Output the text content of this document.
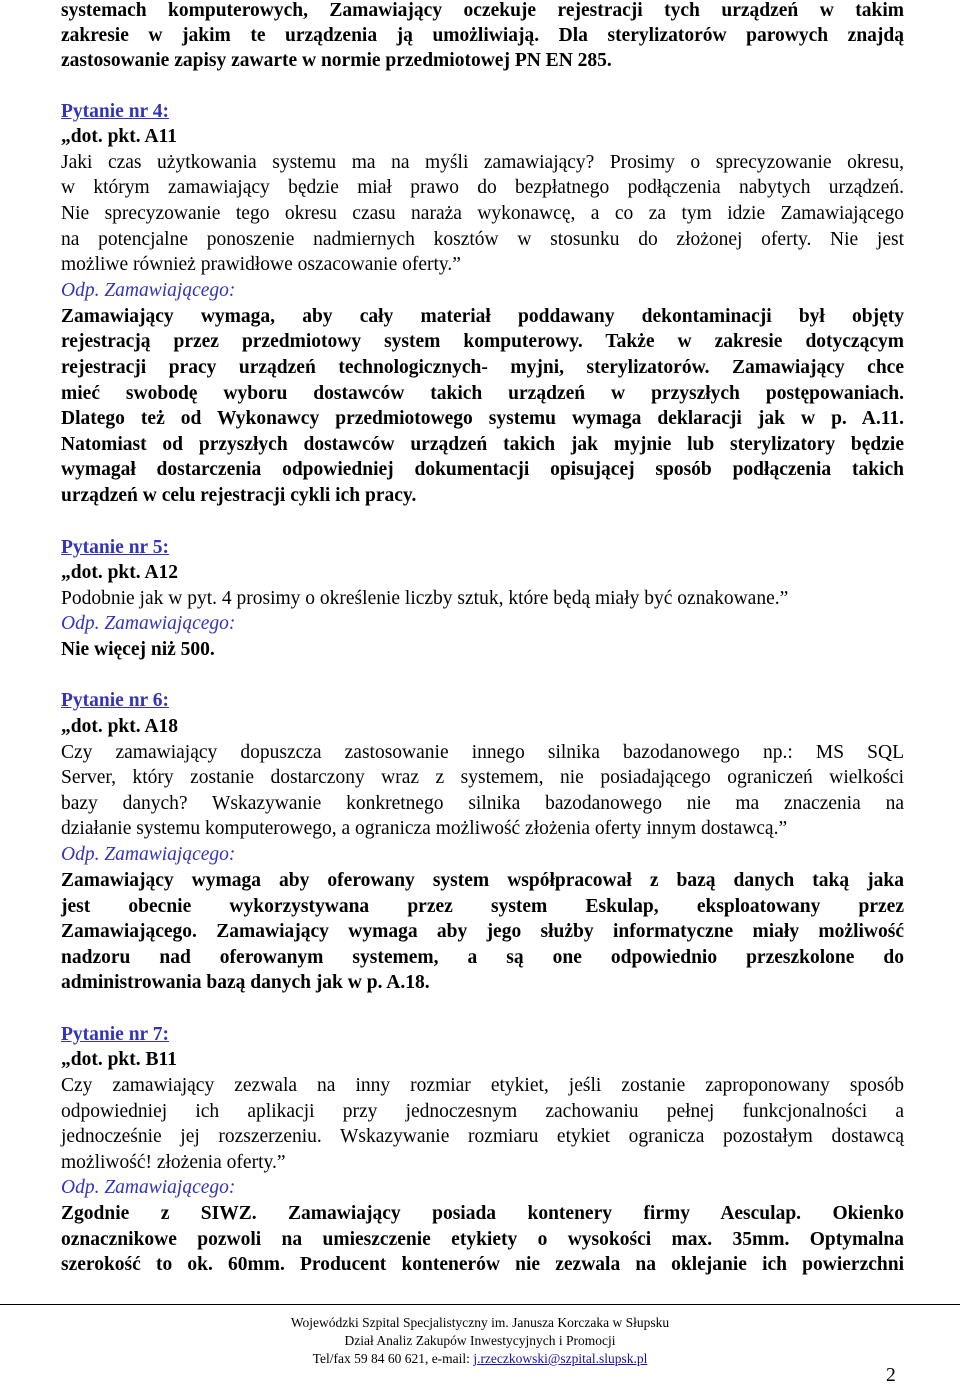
systemach komputerowych, Zamawiający oczekuje rejestracji tych urządzeń w takim
zakresie w jakim te urządzenia ją umożliwiają. Dla sterylizatorów parowych znajdą
zastosowanie zapisy zawarte w normie przedmiotowej PN EN 285.
Pytanie nr 4:
„dot. pkt. A11
Jaki czas użytkowania systemu ma na myśli zamawiający? Prosimy o sprecyzowanie okresu,
w którym zamawiający będzie miał prawo do bezpłatnego podłączenia nabytych urządzeń.
Nie sprecyzowanie tego okresu czasu naraża wykonawcę, a co za tym idzie Zamawiającego
na potencjalne ponoszenie nadmiernych kosztów w stosunku do złożonej oferty. Nie jest
możliwe również prawidłowe oszacowanie oferty.”
Odp. Zamawiającego:
Zamawiający wymaga, aby cały materiał poddawany dekontaminacji był objęty
rejestracją przez przedmiotowy system komputerowy. Także w zakresie dotyczącym
rejestracji pracy urządzeń technologicznych- myjni, sterylizatorów. Zamawiający chce
mieć swobodę wyboru dostawców takich urządzeń w przyszłych postępowaniach.
Dlatego też od Wykonawcy przedmiotowego systemu wymaga deklaracji jak w p. A.11.
Natomiast od przyszłych dostawców urządzeń takich jak myjnie lub sterylizatory będzie
wymagał dostarczenia odpowiedniej dokumentacji opisującej sposób podłączenia takich
urządzeń w celu rejestracji cykli ich pracy.
Pytanie nr 5:
„dot. pkt. A12
Podobnie jak w pyt. 4 prosimy o określenie liczby sztuk, które będą miały być oznakowane.”
Odp. Zamawiającego:
Nie więcej niż 500.
Pytanie nr 6:
„dot. pkt. A18
Czy zamawiający dopuszcza zastosowanie innego silnika bazodanowego np.: MS SQL
Server, który zostanie dostarczony wraz z systemem, nie posiadającego ograniczeń wielkości
bazy danych? Wskazywanie konkretnego silnika bazodanowego nie ma znaczenia na
działanie systemu komputerowego, a ogranicza możliwość złożenia oferty innym dostawcą.”
Odp. Zamawiającego:
Zamawiający wymaga aby oferowany system współpracował z bazą danych taką jaka
jest obecnie wykorzystywana przez system Eskulap, eksploatowany przez
Zamawiającego. Zamawiający wymaga aby jego służby informatyczne miały możliwość
nadzoru nad oferowanym systemem, a są one odpowiednio przeszkolone do
administrowania bazą danych jak w p. A.18.
Pytanie nr 7:
„dot. pkt. B11
Czy zamawiający zezwala na inny rozmiar etykiet, jeśli zostanie zaproponowany sposób
odpowiedniej ich aplikacji przy jednoczesnym zachowaniu pełnej funkcjonalności a
jednocześnie jej rozszerzeniu. Wskazywanie rozmiaru etykiet ogranicza pozostałym dostawcą
możliwość! złożenia oferty.”
Odp. Zamawiającego:
Zgodnie z SIWZ. Zamawiający posiada kontenery firmy Aesculap. Okienko
oznacznikowe pozwoli na umieszczenie etykiety o wysokości max. 35mm. Optymalna
szerokość to ok. 60mm. Producent kontenerów nie zezwala na oklejanie ich powierzchni
Wojewódzki Szpital Specjalistyczny im. Janusza Korczaka w Słupsku
Dział Analiz Zakupów Inwestycyjnych i Promocji
Tel/fax 59 84 60 621, e-mail: j.rzeczkowski@szpital.slupsk.pl
2
